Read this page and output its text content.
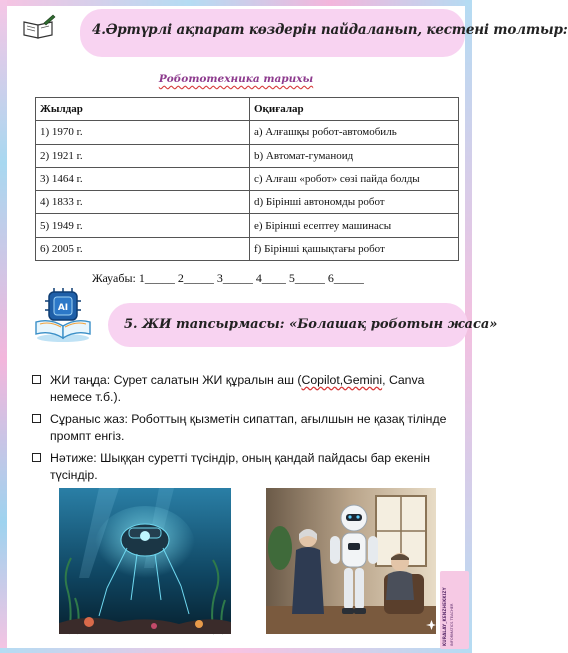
4.Әртүрлі ақпарат көздерін пайдаланып, кестені толтыр:
Робототехника тарихы
Жылдар	Оқиғалар
1) 1970 г.	a) Алғашқы робот-автомобиль
2) 1921 г.	b) Автомат-гуманоид
3) 1464 г.	c) Алғаш «робот» сөзі пайда болды
4) 1833 г.	d) Бірінші автономды робот
5) 1949 г.	e) Бірінші есептеу машинасы
6) 2005 г.	f) Бірінші қашықтағы робот
Жауабы: 1_____ 2_____ 3_____ 4____ 5_____ 6_____
AI
5. ЖИ тапсырмасы: «Болашақ роботын жаса»
ЖИ таңда: Сурет салатын ЖИ құралын аш (Copilot,Gemini, Canva немесе т.б.).
Сұраныс жаз: Роботтың қызметін сипаттап, ағылшын не қазақ тілінде промпт енгіз.
Нәтиже: Шыққан суретті түсіндір, оның қандай пайдасы бар екенін түсіндір.
KURALAY_KENZHEKKIZY INFORMATICS TEACHER
